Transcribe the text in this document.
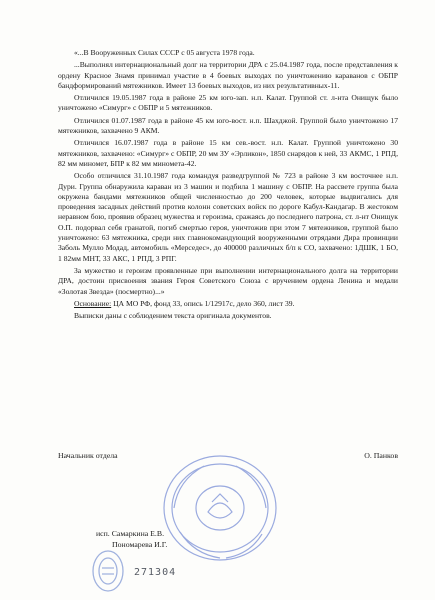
«...В Вооруженных Силах СССР с 05 августа 1978 года.

...Выполнял интернациональный долг на территории ДРА с 25.04.1987 года, после представления к ордену Красное Знамя принимал участие в 4 боевых выходах по уничтожению караванов с ОБПР бандформирований мятежников. Имеет 13 боевых выходов, из них результативных-11.

Отличился 19.05.1987 года в районе 25 км юго-зап. н.п. Калат. Группой ст. л-нта Онищук было уничтожено «Симург» с ОБПР и 5 мятежников.

Отличился 01.07.1987 года в районе 45 км юго-вост. н.п. Шахджой. Группой было уничтожено 17 мятежников, захвачено 9 АКМ.

Отличился 16.07.1987 года в районе 15 км сев.-вост. н.п. Калат. Группой уничтожено 30 мятежников, захвачено: «Симург» с ОБПР, 20 мм ЗУ «Эрликон», 1850 снарядов к ней, 33 АКМС, 1 РПД, 82 мм миномет, БПР к 82 мм миномета-42.

Особо отличился 31.10.1987 года командуя разведгруппой № 723 в районе 3 км восточнее н.п. Дури. Группа обнаружила караван из 3 машин и подбила 1 машину с ОБПР. На рассвете группа была окружена бандами мятежников общей численностью до 200 человек, которые выдвигались для проведения засадных действий против колонн советских войск по дороге Кабул-Кандагар. В жестоком неравном бою, проявив образец мужества и героизма, сражаясь до последнего патрона, ст. л-нт Онищук О.П. подорвал себя гранатой, погиб смертью героя, уничтожив при этом 7 мятежников, группой было уничтожено: 63 мятежника, среди них главнокомандующий вооруженными отрядами Дира провинции Заболь Мулло Модад, автомобиль «Мерседес», до 400000 различных б/п к СО, захвачено: 1ДШК, 1 БО, 1 82мм МНТ, 33 АКС, 1 РПД, 3 РПГ.

За мужество и героизм проявленные при выполнении интернационального долга на территории ДРА, достоин присвоения звания Героя Советского Союза с вручением ордена Ленина и медали «Золотая Звезда» (посмертно)...»

Основание: ЦА МО РФ, фонд 33, опись 1/12917с, дело 360, лист 39.

Выписки даны с соблюдением текста оригинала документов.

Начальник отдела	О. Панков
исп. Самаркина Е.В.
Пономарева И.Г.
271304
